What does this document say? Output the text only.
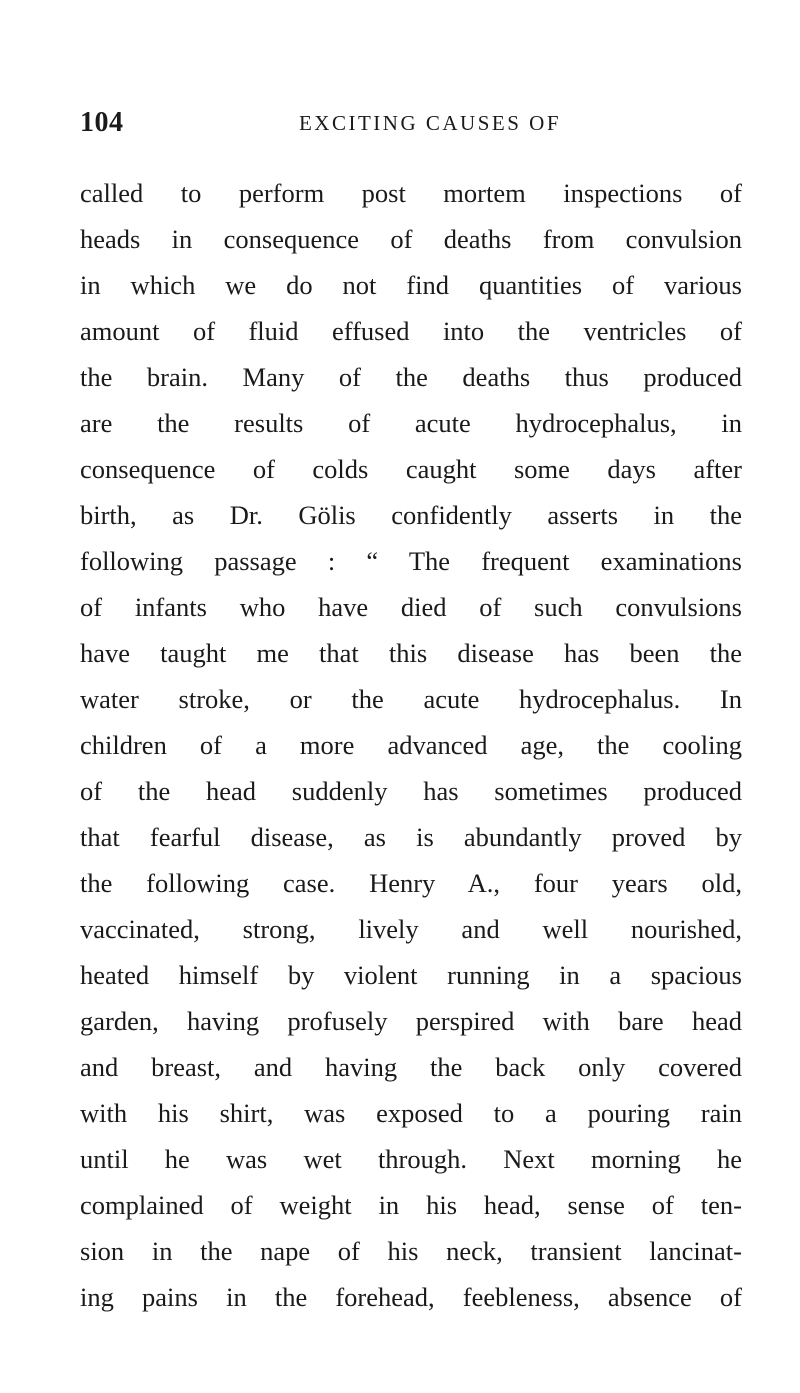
104	EXCITING CAUSES OF
called to perform post mortem inspections of
heads in consequence of deaths from convulsion
in which we do not find quantities of various
amount of fluid effused into the ventricles of
the brain. Many of the deaths thus produced
are the results of acute hydrocephalus, in
consequence of colds caught some days after
birth, as Dr. Gölis confidently asserts in the
following passage : “ The frequent examinations
of infants who have died of such convulsions
have taught me that this disease has been the
water stroke, or the acute hydrocephalus. In
children of a more advanced age, the cooling
of the head suddenly has sometimes produced
that fearful disease, as is abundantly proved by
the following case. Henry A., four years old,
vaccinated, strong, lively and well nourished,
heated himself by violent running in a spacious
garden, having profusely perspired with bare head
and breast, and having the back only covered
with his shirt, was exposed to a pouring rain
until he was wet through. Next morning he
complained of weight in his head, sense of ten-
sion in the nape of his neck, transient lancinat-
ing pains in the forehead, feebleness, absence of
